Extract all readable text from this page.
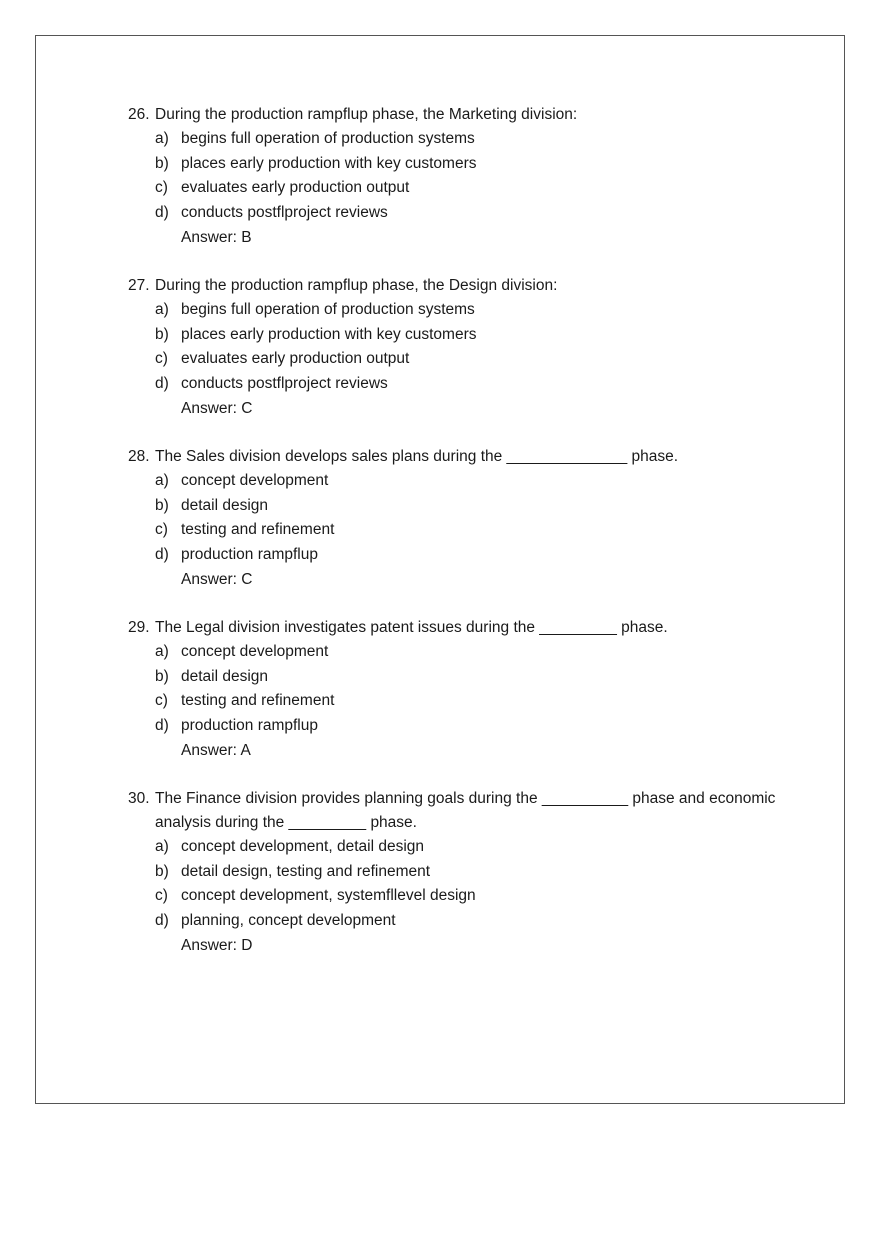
26. During the production rampflup phase, the Marketing division:
a) begins full operation of production systems
b) places early production with key customers
c) evaluates early production output
d) conducts postflproject reviews
Answer: B
27. During the production rampflup phase, the Design division:
a) begins full operation of production systems
b) places early production with key customers
c) evaluates early production output
d) conducts postflproject reviews
Answer: C
28. The Sales division develops sales plans during the ______________ phase.
a) concept development
b) detail design
c) testing and refinement
d) production rampflup
Answer: C
29. The Legal division investigates patent issues during the _________ phase.
a) concept development
b) detail design
c) testing and refinement
d) production rampflup
Answer: A
30. The Finance division provides planning goals during the __________ phase and economic analysis during the _________ phase.
a) concept development, detail design
b) detail design, testing and refinement
c) concept development, systemfllevel design
d) planning, concept development
Answer: D
